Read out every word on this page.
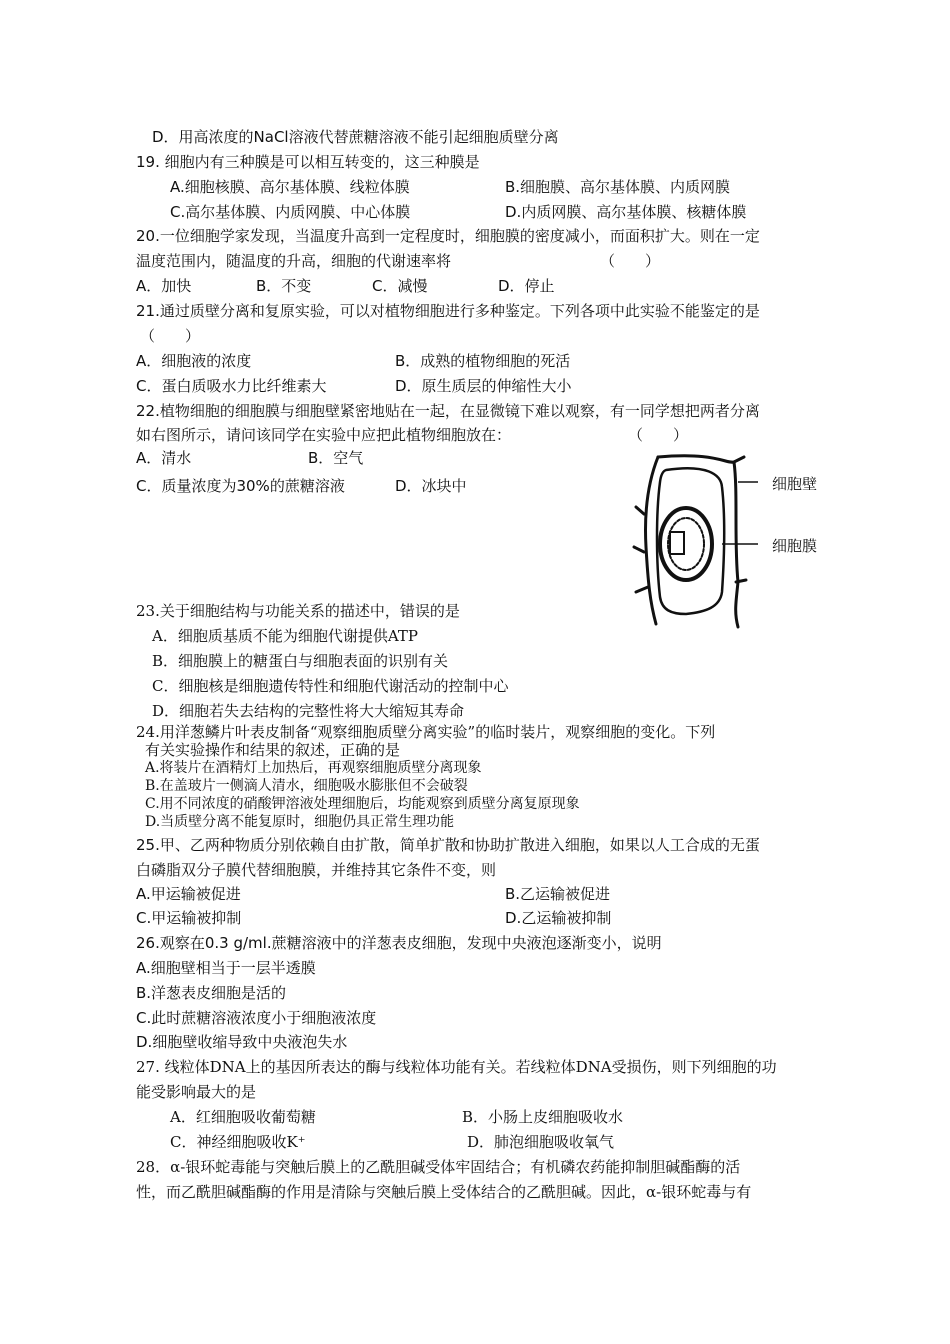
D．用高浓度的NaCl溶液代替蔗糖溶液不能引起细胞质壁分离
19. 细胞内有三种膜是可以相互转变的，这三种膜是
A.细胞核膜、高尔基体膜、线粒体膜	B.细胞膜、高尔基体膜、内质网膜
C.高尔基体膜、内质网膜、中心体膜	D.内质网膜、高尔基体膜、核糖体膜
20.一位细胞学家发现，当温度升高到一定程度时，细胞膜的密度减小，而面积扩大。则在一定
温度范围内，随温度的升高，细胞的代谢速率将	（　　）
A．加快	B．不变	C．减慢	D．停止
21.通过质壁分离和复原实验，可以对植物细胞进行多种鉴定。下列各项中此实验不能鉴定的是
（　　）
A．细胞液的浓度	B．成熟的植物细胞的死活
C．蛋白质吸水力比纤维素大	D．原生质层的伸缩性大小
22.植物细胞的细胞膜与细胞壁紧密地贴在一起，在显微镜下难以观察，有一同学想把两者分离
如右图所示，请问该同学在实验中应把此植物细胞放在：	（　　）
A．清水	B．空气
C．质量浓度为30%的蔗糖溶液	D．冰块中	细胞壁
细胞膜
23.关于细胞结构与功能关系的描述中，错误的是
A．细胞质基质不能为细胞代谢提供ATP
B．细胞膜上的糖蛋白与细胞表面的识别有关
C．细胞核是细胞遗传特性和细胞代谢活动的控制中心
D．细胞若失去结构的完整性将大大缩短其寿命
24.用洋葱鳞片叶表皮制备“观察细胞质壁分离实验”的临时装片，观察细胞的变化。下列
有关实验操作和结果的叙述，正确的是
A.将装片在酒精灯上加热后，再观察细胞质壁分离现象
B.在盖玻片一侧滴人清水，细胞吸水膨胀但不会破裂
C.用不同浓度的硝酸钾溶液处理细胞后，均能观察到质壁分离复原现象
D.当质壁分离不能复原时，细胞仍具正常生理功能
25.甲、乙两种物质分别依赖自由扩散，简单扩散和协助扩散进入细胞，如果以人工合成的无蛋
白磷脂双分子膜代替细胞膜，并维持其它条件不变，则
A.甲运输被促进	B.乙运输被促进
C.甲运输被抑制	D.乙运输被抑制
26.观察在0.3 g/ml.蔗糖溶液中的洋葱表皮细胞，发现中央液泡逐渐变小，说明
A.细胞壁相当于一层半透膜
B.洋葱表皮细胞是活的
C.此时蔗糖溶液浓度小于细胞液浓度
D.细胞壁收缩导致中央液泡失水
27. 线粒体DNA上的基因所表达的酶与线粒体功能有关。若线粒体DNA受损伤，则下列细胞的功
能受影响最大的是
A．红细胞吸收葡萄糖	B．小肠上皮细胞吸收水
C．神经细胞吸收K⁺	D．肺泡细胞吸收氧气
28．α-银环蛇毒能与突触后膜上的乙酰胆碱受体牢固结合；有机磷农药能抑制胆碱酯酶的活
性，而乙酰胆碱酯酶的作用是清除与突触后膜上受体结合的乙酰胆碱。因此，α-银环蛇毒与有
